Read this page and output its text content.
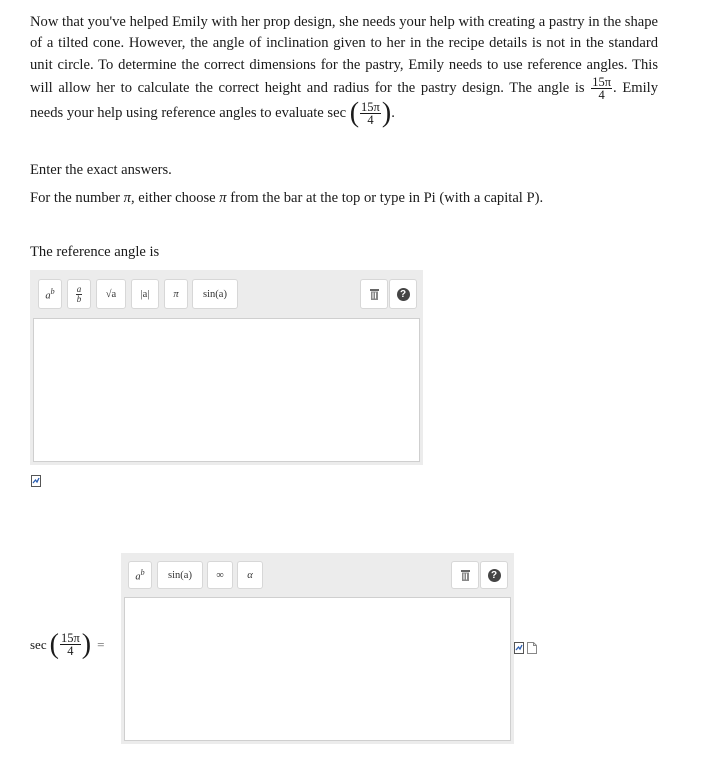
Now that you've helped Emily with her prop design, she needs your help with creating a pastry in the shape of a tilted cone. However, the angle of inclination given to her in the recipe details is not in the standard unit circle. To determine the correct dimensions for the pastry, Emily needs to use reference angles. This will allow her to calculate the correct height and radius for the pastry design. The angle is $\frac{15\pi}{4}$ . Emily needs your help using reference angles to evaluate sec ( $\frac{15\pi}{4}$ ).
Enter the exact answers.
For the number π, either choose π from the bar at the top or type in Pi (with a capital P).
The reference angle is
$a^b$ a
b	√a	|a|	π	sin(a)	?
$a^b$	sin(a)	∞	α	?
sec ( $\frac{15\pi}{4}$ ) =
